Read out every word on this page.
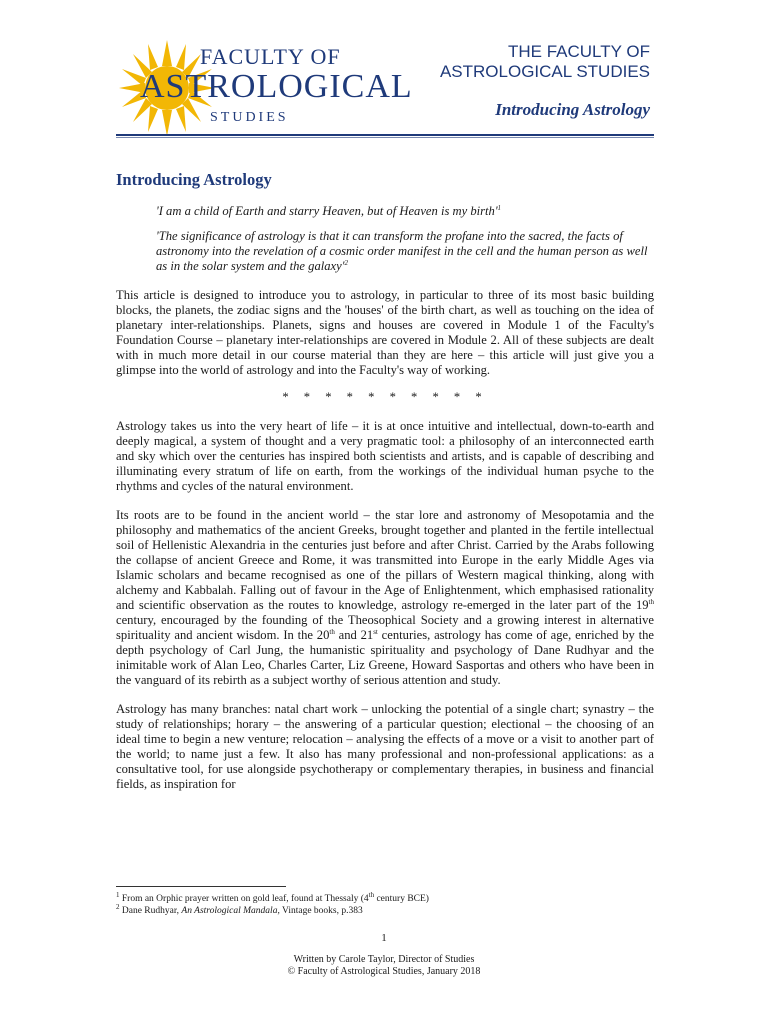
FACULTY OF
ASTROLOGICAL
STUDIES
THE FACULTY OF
ASTROLOGICAL STUDIES
Introducing Astrology
Introducing Astrology

'I am a child of Earth and starry Heaven, but of Heaven is my $birth'^1$

'The significance of astrology is that it can transform the profane into the sacred, the facts of astronomy into the revelation of a cosmic order manifest in the cell and the human person as well as in the solar system and the $galaxy'^2$

This article is designed to introduce you to astrology, in particular to three of its most basic building blocks, the planets, the zodiac signs and the 'houses' of the birth chart, as well as touching on the idea of planetary inter-relationships. Planets, signs and houses are covered in Module 1 of the Faculty's Foundation Course – planetary inter-relationships are covered in Module 2. All of these subjects are dealt with in much more detail in our course material than they are here – this article will just give you a glimpse into the world of astrology and into the Faculty's way of working.

* * * * * * * * * *

Astrology takes us into the very heart of life – it is at once intuitive and intellectual, down-to-earth and deeply magical, a system of thought and a very pragmatic tool: a philosophy of an interconnected earth and sky which over the centuries has inspired both scientists and artists, and is capable of describing and illuminating every stratum of life on earth, from the workings of the individual human psyche to the rhythms and cycles of the natural environment.

Its roots are to be found in the ancient world – the star lore and astronomy of Mesopotamia and the philosophy and mathematics of the ancient Greeks, brought together and planted in the fertile intellectual soil of Hellenistic Alexandria in the centuries just before and after Christ. Carried by the Arabs following the collapse of ancient Greece and Rome, it was transmitted into Europe in the early Middle Ages via Islamic scholars and became recognised as one of the pillars of Western magical thinking, along with alchemy and Kabbalah. Falling out of favour in the Age of Enlightenment, which emphasised rationality and scientific observation as the routes to knowledge, astrology re-emerged in the later part of the 19th century, encouraged by the founding of the Theosophical Society and a growing interest in alternative spirituality and ancient wisdom. In the 20th and 21st centuries, astrology has come of age, enriched by the depth psychology of Carl Jung, the humanistic spirituality and psychology of Dane Rudhyar and the inimitable work of Alan Leo, Charles Carter, Liz Greene, Howard Sasportas and others who have been in the vanguard of its rebirth as a subject worthy of serious attention and study.

Astrology has many branches: natal chart work – unlocking the potential of a single chart; synastry – the study of relationships; horary – the answering of a particular question; electional – the choosing of an ideal time to begin a new venture; relocation – analysing the effects of a move or a visit to another part of the world; to name just a few. It also has many professional and non-professional applications: as a consultative tool, for use alongside psychotherapy or complementary therapies, in business and financial fields, as inspiration for

$^1$ From an Orphic prayer written on gold leaf, found at Thessaly (4th century BCE)

$^2$ Dane Rudhyar, An Astrological Mandala, Vintage books, p.383

1

Written by Carole Taylor, Director of Studies

© Faculty of Astrological Studies, January 2018
